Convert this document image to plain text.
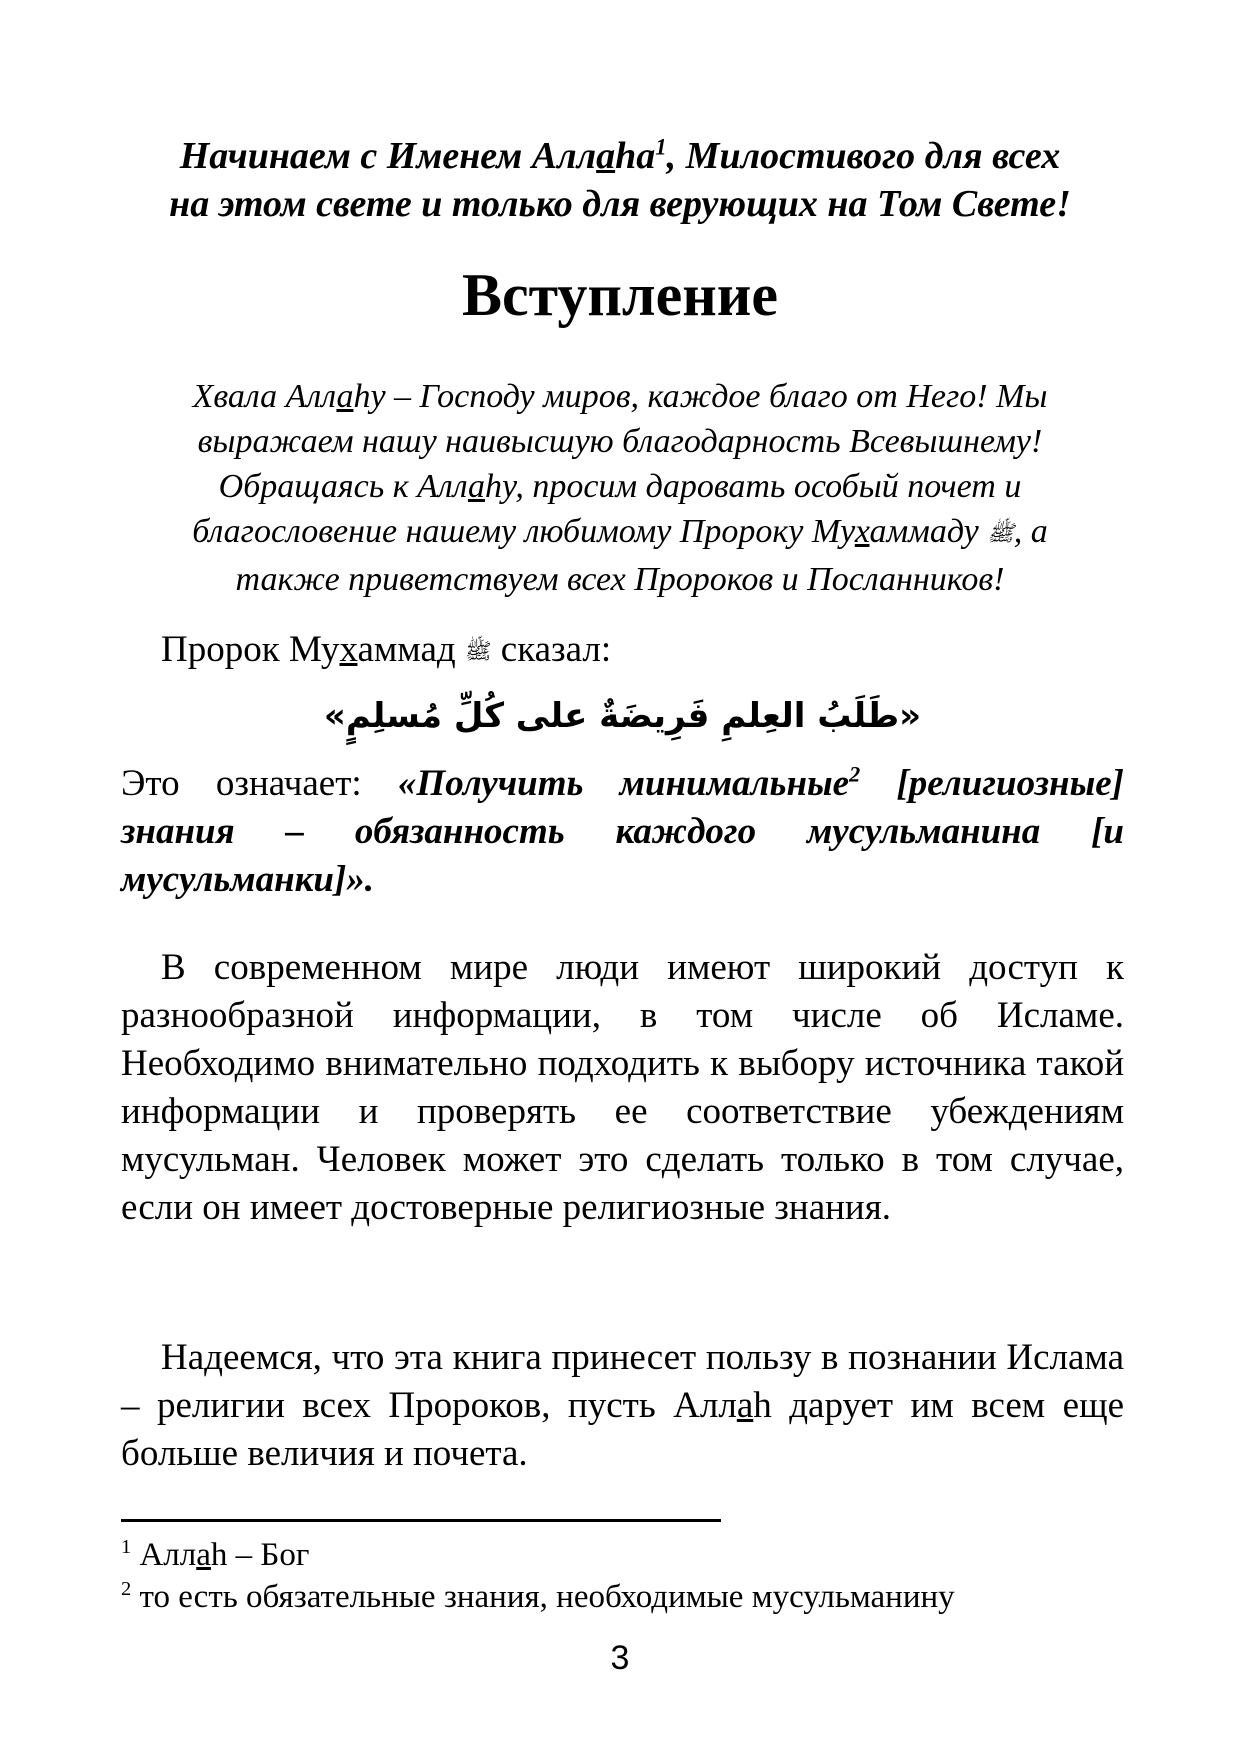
Начинаем с Именем Аллаhа$^1$, Милостивого для всех
на этом свете и только для верующих на Том Свете!
Вступление
Хвала Аллаhу – Господу миров, каждое благо от Него! Мы
выражаем нашу наивысшую благодарность Всевышнему!
Обращаясь к Аллаhу, просим даровать особый почет и
благословение нашему любимому Пророку Мухаммаду ﷺ, а
также приветствуем всех Пророков и Посланников!
Пророк Мухаммад ﷺ сказал:
«طَلَبُ العِلمِ فَرِيضَةٌ على كُلِّ مُسلِمٍ»
Это означает: «Получить минимальные$^2$ [религиозные] знания – обязанность каждого мусульманина [и мусульманки]».
В современном мире люди имеют широкий доступ к разнообразной информации, в том числе об Исламе. Необходимо внимательно подходить к выбору источника такой информации и проверять ее соответствие убеждениям мусульман. Человек может это сделать только в том случае, если он имеет достоверные религиозные знания.
Надеемся, что эта книга принесет пользу в познании Ислама – религии всех Пророков, пусть Аллаh дарует им всем еще больше величия и почета.
$^1$ Аллаh – Бог
$^2$ то есть обязательные знания, необходимые мусульманину
3
